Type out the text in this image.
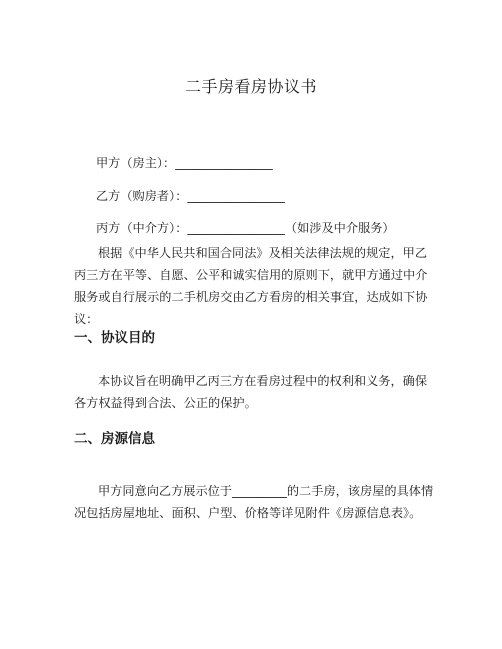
二手房看房协议书

甲方（房主）：________________

乙方（购房者）：________________

丙方（中介方）：________________（如涉及中介服务）

根据《中华人民共和国合同法》及相关法律法规的规定，甲乙丙三方在平等、自愿、公平和诚实信用的原则下，就甲方通过中介服务或自行展示的二手机房交由乙方看房的相关事宜，达成如下协议：

一、协议目的

本协议旨在明确甲乙丙三方在看房过程中的权利和义务，确保各方权益得到合法、公正的保护。

二、房源信息

甲方同意向乙方展示位于_________的二手房，该房屋的具体情况包括房屋地址、面积、户型、价格等详见附件《房源信息表》。
